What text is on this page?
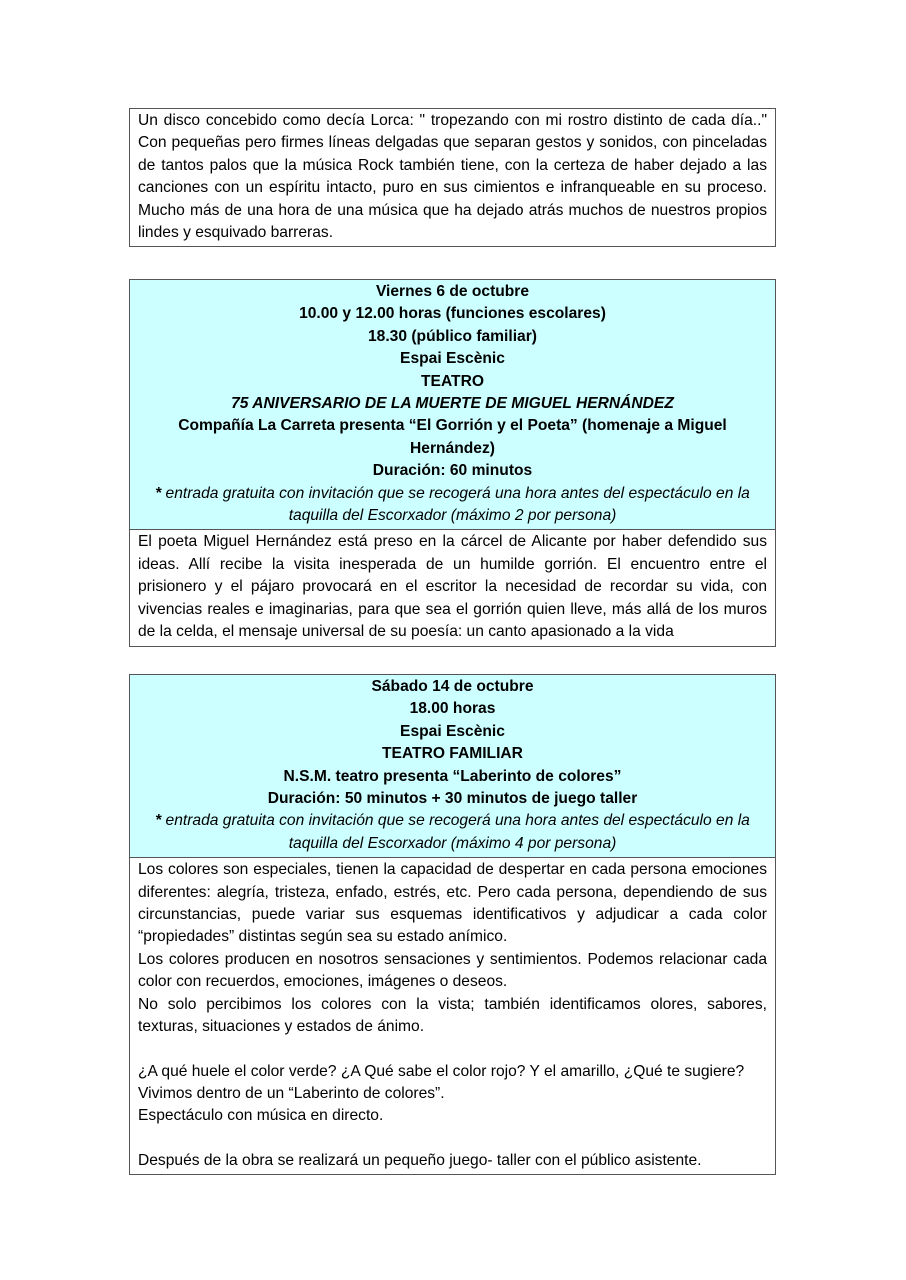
Un disco concebido como decía Lorca: " tropezando con mi rostro distinto de cada día.." Con pequeñas pero firmes líneas delgadas que separan gestos y sonidos, con pinceladas de tantos palos que la música Rock también tiene, con la certeza de haber dejado a las canciones con un espíritu intacto, puro en sus cimientos e infranqueable en su proceso. Mucho más de una hora de una música que ha dejado atrás muchos de nuestros propios lindes y esquivado barreras.
Viernes 6 de octubre
10.00 y 12.00 horas (funciones escolares)
18.30 (público familiar)
Espai Escènic
TEATRO
75 ANIVERSARIO DE LA MUERTE DE MIGUEL HERNÁNDEZ
Compañía La Carreta presenta “El Gorrión y el Poeta” (homenaje a Miguel Hernández)
Duración: 60 minutos
* entrada gratuita con invitación que se recogerá una hora antes del espectáculo en la taquilla del Escorxador (máximo 2 por persona)
El poeta Miguel Hernández está preso en la cárcel de Alicante por haber defendido sus ideas. Allí recibe la visita inesperada de un humilde gorrión. El encuentro entre el prisionero y el pájaro provocará en el escritor la necesidad de recordar su vida, con vivencias reales e imaginarias, para que sea el gorrión quien lleve, más allá de los muros de la celda, el mensaje universal de su poesía: un canto apasionado a la vida
Sábado 14 de octubre
18.00 horas
Espai Escènic
TEATRO FAMILIAR
N.S.M. teatro presenta “Laberinto de colores”
Duración: 50 minutos + 30 minutos de juego taller
* entrada gratuita con invitación que se recogerá una hora antes del espectáculo en la taquilla del Escorxador (máximo 4 por persona)
Los colores son especiales, tienen la capacidad de despertar en cada persona emociones diferentes: alegría, tristeza, enfado, estrés, etc. Pero cada persona, dependiendo de sus circunstancias, puede variar sus esquemas identificativos y adjudicar a cada color “propiedades” distintas según sea su estado anímico.
Los colores producen en nosotros sensaciones y sentimientos. Podemos relacionar cada color con recuerdos, emociones, imágenes o deseos.
No solo percibimos los colores con la vista; también identificamos olores, sabores, texturas, situaciones y estados de ánimo.
¿A qué huele el color verde? ¿A Qué sabe el color rojo? Y el amarillo, ¿Qué te sugiere?
Vivimos dentro de un “Laberinto de colores”.
Espectáculo con música en directo.
Después de la obra se realizará un pequeño juego- taller con el público asistente.
